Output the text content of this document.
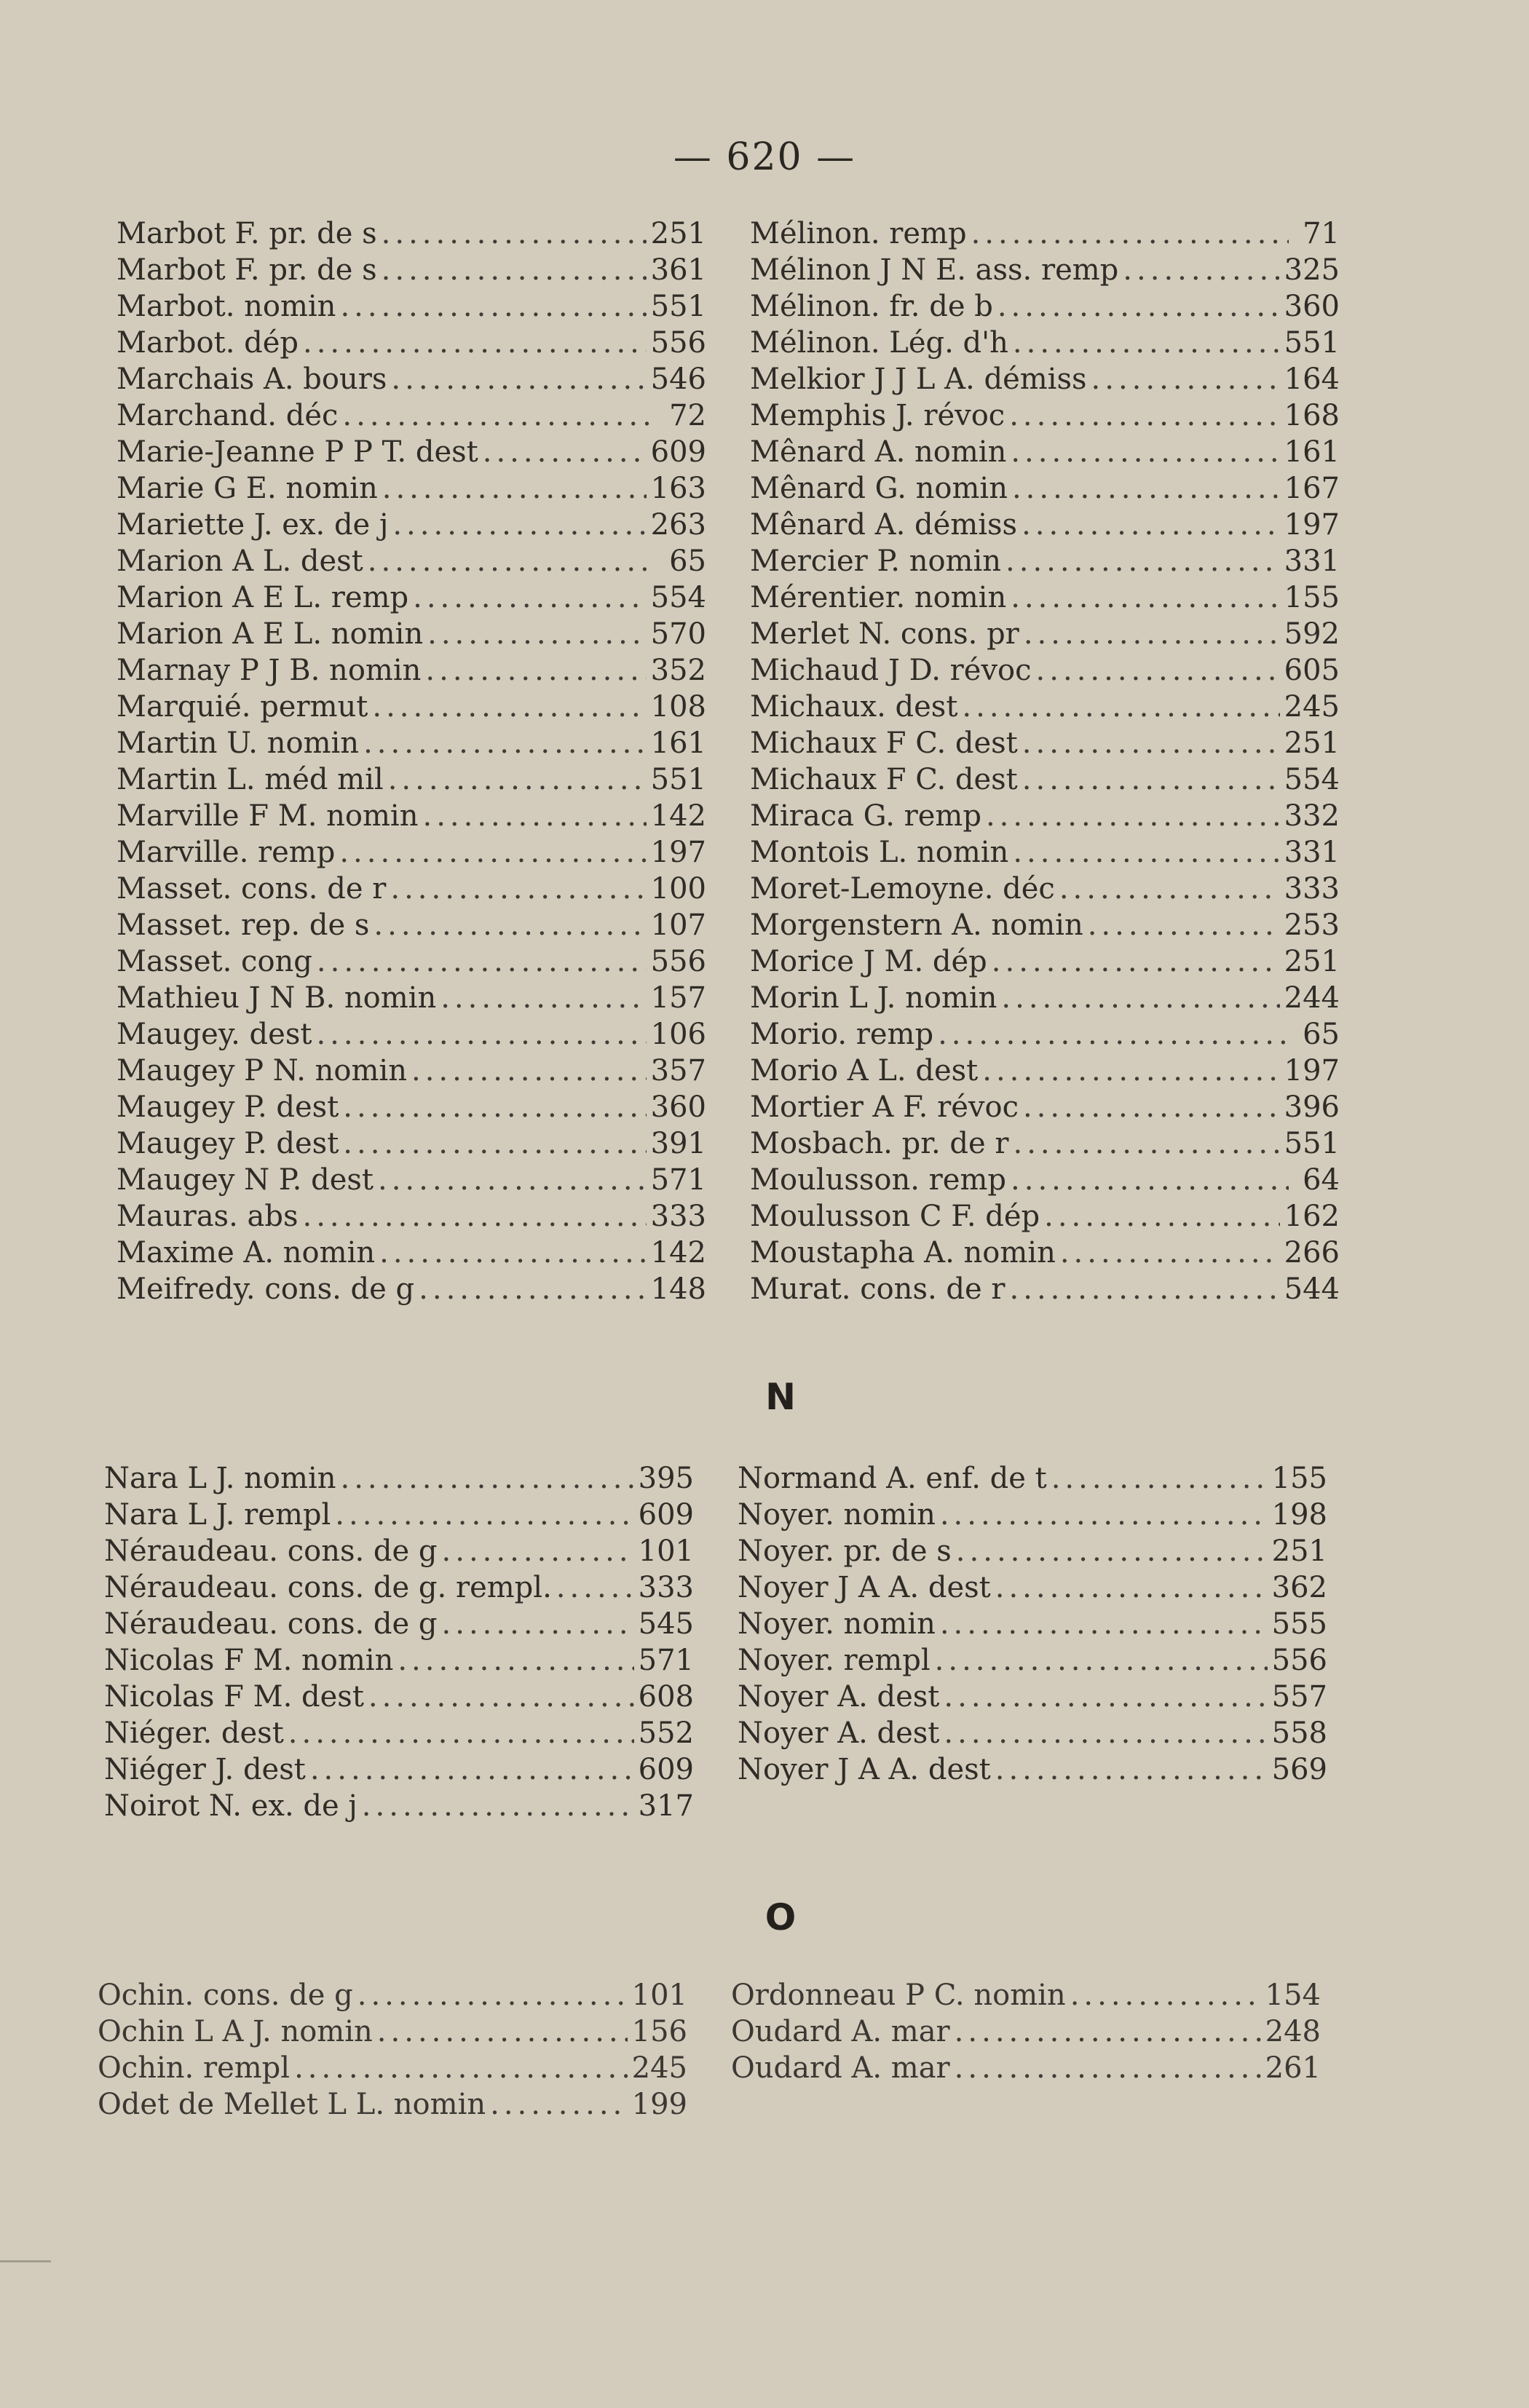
— 620 —
Marbot F. pr. de s .....	251
Marbot F. pr. de s .....	361
Marbot. nomin .....	551
Marbot. dép .....	556
Marchais A. bours .....	546
Marchand. déc .....	72
Marie-Jeanne P P T. dest .....	609
Marie G E. nomin .....	163
Mariette J. ex. de j .....	263
Marion A L. dest .....	65
Marion A E L. remp .....	554
Marion A E L. nomin .....	570
Marnay P J B. nomin .....	352
Marquié. permut .....	108
Martin U. nomin .....	161
Martin L. méd mil .....	551
Marville F M. nomin .....	142
Marville. remp .....	197
Masset. cons. de r .....	100
Masset. rep. de s .....	107
Masset. cong .....	556
Mathieu J N B. nomin .....	157
Maugey. dest .....	106
Maugey P N. nomin .....	357
Maugey P. dest .....	360
Maugey P. dest .....	391
Maugey N P. dest .....	571
Mauras. abs .....	333
Maxime A. nomin .....	142
Meifredy. cons. de g .....	148
Mélinon. remp .....	71
Mélinon J N E. ass. remp .....	325
Mélinon. fr. de b .....	360
Mélinon. Lég. d'h .....	551
Melkior J J L A. démiss .....	164
Memphis J. révoc .....	168
Mênard A. nomin .....	161
Mênard G. nomin .....	167
Mênard A. démiss .....	197
Mercier P. nomin .....	331
Mérentier. nomin .....	155
Merlet N. cons. pr .....	592
Michaud J D. révoc .....	605
Michaux. dest .....	245
Michaux F C. dest .....	251
Michaux F C. dest .....	554
Miraca G. remp .....	332
Montois L. nomin .....	331
Moret-Lemoyne. déc .....	333
Morgenstern A. nomin .....	253
Morice J M. dép .....	251
Morin L J. nomin .....	244
Morio. remp .....	65
Morio A L. dest .....	197
Mortier A F. révoc .....	396
Mosbach. pr. de r .....	551
Moulusson. remp .....	64
Moulusson C F. dép .....	162
Moustapha A. nomin .....	266
Murat. cons. de r .....	544
N
Nara L J. nomin .....	395
Nara L J. rempl .....	609
Néraudeau. cons. de g .....	101
Néraudeau. cons. de g. rempl. .....	333
Néraudeau. cons. de g .....	545
Nicolas F M. nomin .....	571
Nicolas F M. dest .....	608
Niéger. dest .....	552
Niéger J. dest .....	609
Noirot N. ex. de j .....	317
Normand A. enf. de t .....	155
Noyer. nomin .....	198
Noyer. pr. de s .....	251
Noyer J A A. dest .....	362
Noyer. nomin .....	555
Noyer. rempl .....	556
Noyer A. dest .....	557
Noyer A. dest .....	558
Noyer J A A. dest .....	569
O
Ochin. cons. de g .....	101
Ochin L A J. nomin .....	156
Ochin. rempl .....	245
Odet de Mellet L L. nomin .....	199
Ordonneau P C. nomin .....	154
Oudard A. mar .....	248
Oudard A. mar .....	261
